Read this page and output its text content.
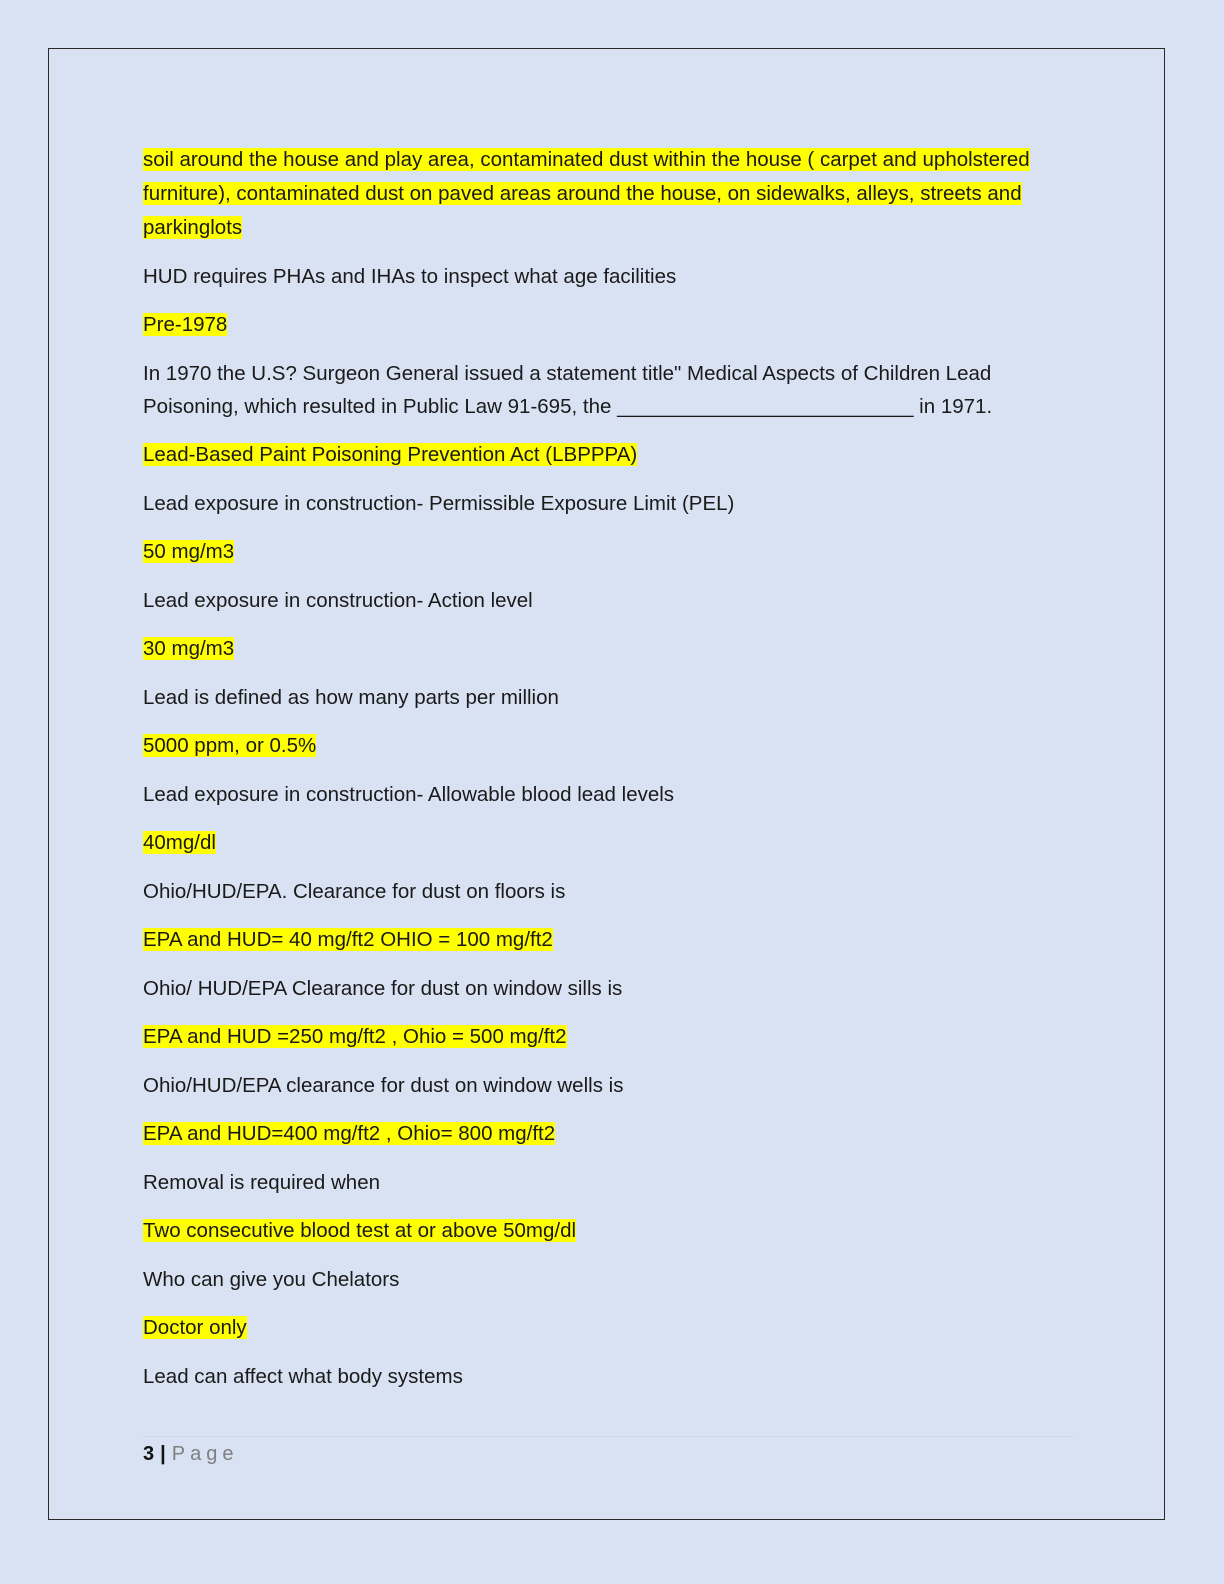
soil around the house and play area, contaminated dust within the house ( carpet and upholstered furniture), contaminated dust on paved areas around the house, on sidewalks, alleys, streets and parkinglots

HUD requires PHAs and IHAs to inspect what age facilities

Pre-1978

In 1970 the U.S? Surgeon General issued a statement title" Medical Aspects of Children Lead Poisoning, which resulted in Public Law 91-695, the __________________________ in 1971.

Lead-Based Paint Poisoning Prevention Act (LBPPPA)

Lead exposure in construction- Permissible Exposure Limit (PEL)

50 mg/m3

Lead exposure in construction- Action level

30 mg/m3

Lead is defined as how many parts per million

5000 ppm, or 0.5%

Lead exposure in construction- Allowable blood lead levels

40mg/dl

Ohio/HUD/EPA. Clearance for dust on floors is

EPA and HUD= 40 mg/ft2 OHIO = 100 mg/ft2

Ohio/ HUD/EPA Clearance for dust on window sills is

EPA and HUD =250 mg/ft2 , Ohio = 500 mg/ft2

Ohio/HUD/EPA clearance for dust on window wells is

EPA and HUD=400 mg/ft2 , Ohio= 800 mg/ft2

Removal is required when

Two consecutive blood test at or above 50mg/dl

Who can give you Chelators

Doctor only

Lead can affect what body systems

3 | Page
